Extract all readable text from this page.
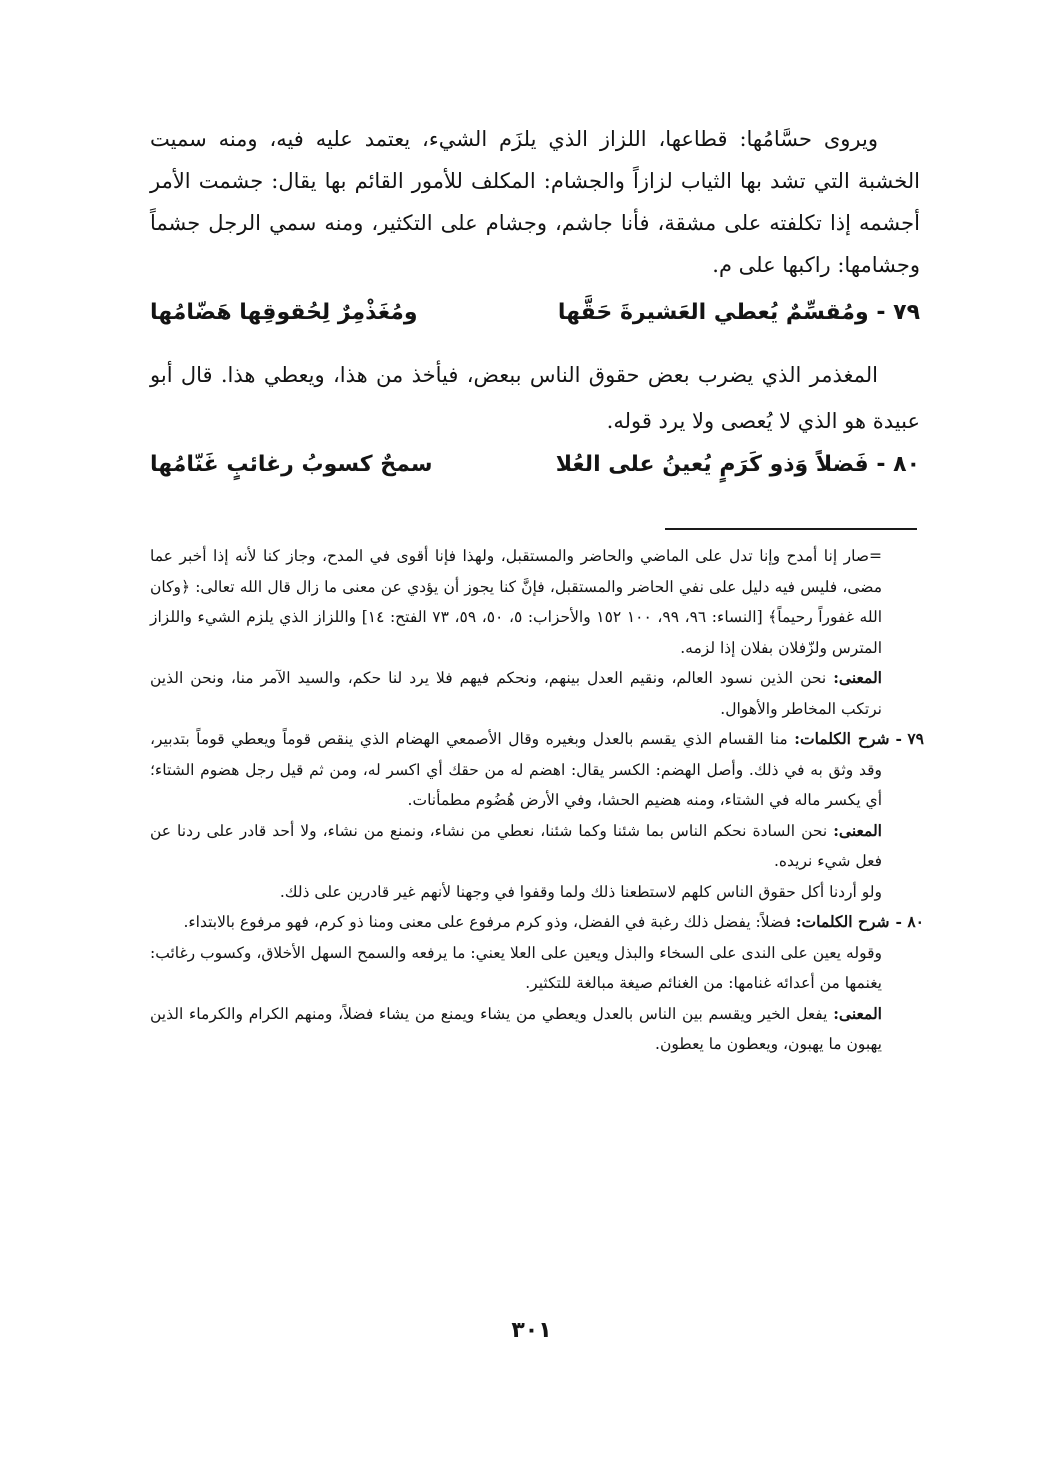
ويروى حسَّامُها: قطاعها، اللزاز الذي يلزَم الشيء، يعتمد عليه فيه، ومنه سميت الخشبة التي تشد بها الثياب لزازاً والجشام: المكلف للأمور القائم بها يقال: جشمت الأمر أجشمه إذا تكلفته على مشقة، فأنا جاشم، وجشام على التكثير، ومنه سمي الرجل جشماً وجشامها: راكبها على م.

٧٩ - ومُقسِّمٌ يُعطي العَشيرةَ حَقَّها
ومُغَذْمِرٌ لِحُقوقِها هَضّامُها

المغذمر الذي يضرب بعض حقوق الناس ببعض، فيأخذ من هذا، ويعطي هذا. قال أبو عبيدة هو الذي لا يُعصى ولا يرد قوله.

٨٠ - فَضلاً وَذو كَرَمٍ يُعينُ على العُلا
سمحٌ كسوبُ رغائبٍ غَنّامُها

=صار إنا أمدح وإنا تدل على الماضي والحاضر والمستقبل، ولهذا فإنا أقوى في المدح، وجاز كنا لأنه إذا أخبر عما مضى، فليس فيه دليل على نفي الحاضر والمستقبل، فإنَّ كنا يجوز أن يؤدي عن معنى ما زال قال الله تعالى: ﴿وكان الله غفوراً رحيماً﴾ [النساء: ٩٦، ٩٩، ١٠٠ ١٥٢ والأحزاب: ٥، ٥٠، ٥٩، ٧٣ الفتح: ١٤] واللزاز الذي يلزم الشيء واللزاز المترس ولزّفلان بفلان إذا لزمه.

المعنى: نحن الذين نسود العالم، ونقيم العدل بينهم، ونحكم فيهم فلا يرد لنا حكم، والسيد الآمر منا، ونحن الذين نرتكب المخاطر والأهوال.

٧٩ -شرح الكلمات: منا القسام الذي يقسم بالعدل وبغيره وقال الأصمعي الهضام الذي ينقص قوماً ويعطي قوماً بتدبير، وقد وثق به في ذلك. وأصل الهضم: الكسر يقال: اهضم له من حقك أي اكسر له، ومن ثم قيل رجل هضوم الشتاء؛ أي يكسر ماله في الشتاء، ومنه هضيم الحشا، وفي الأرض هُضُوم مطمأنات.

المعنى: نحن السادة نحكم الناس بما شئنا وكما شئنا، نعطي من نشاء، ونمنع من نشاء، ولا أحد قادر على ردنا عن فعل شيء نريده.

ولو أردنا أكل حقوق الناس كلهم لاستطعنا ذلك ولما وقفوا في وجهنا لأنهم غير قادرين على ذلك.

٨٠ -شرح الكلمات: فضلاً: يفضل ذلك رغبة في الفضل، وذو كرم مرفوع على معنى ومنا ذو كرم، فهو مرفوع بالابتداء.

وقوله يعين على الندى على السخاء والبذل ويعين على العلا يعني: ما يرفعه والسمح السهل الأخلاق، وكسوب رغائب: يغنمها من أعدائه غنامها: من الغنائم صيغة مبالغة للتكثير.

المعنى: يفعل الخير ويقسم بين الناس بالعدل ويعطي من يشاء ويمنع من يشاء فضلاً، ومنهم الكرام والكرماء الذين يهبون ما يهبون، ويعطون ما يعطون.

٣٠١
